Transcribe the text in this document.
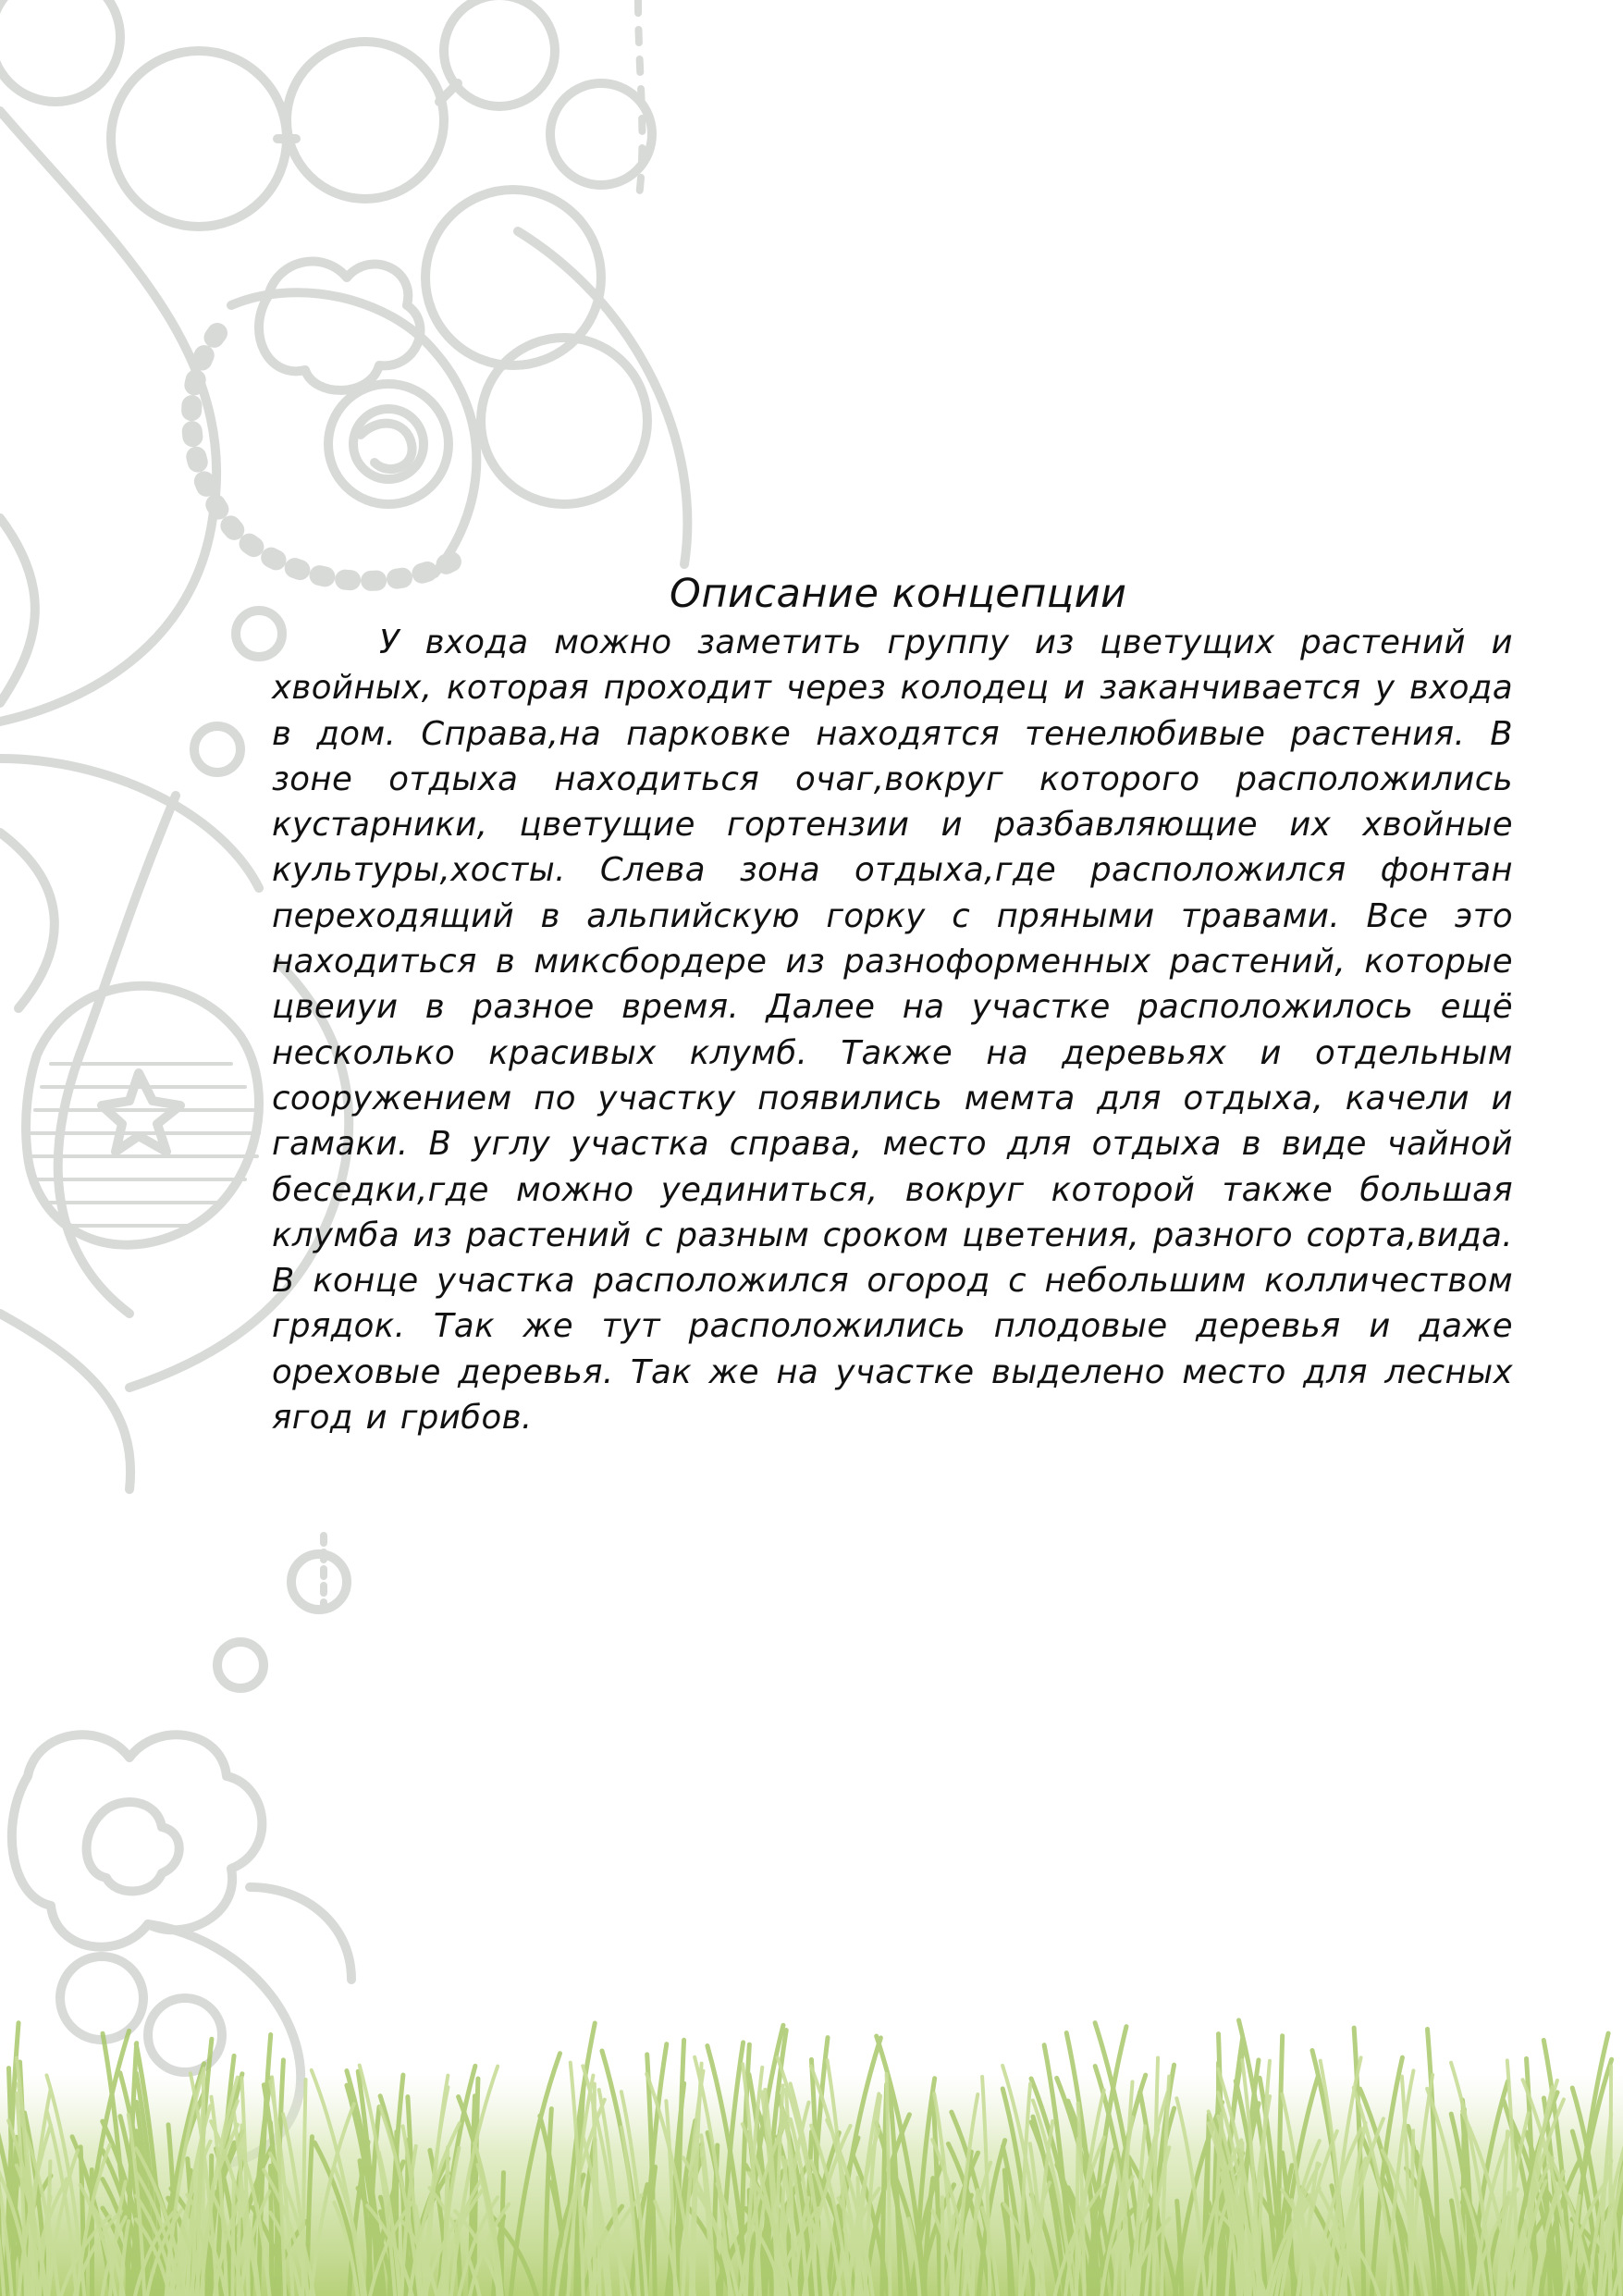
Описание концепции

У входа можно заметить группу из цветущих растений и хвойных, которая проходит через колодец и заканчивается у входа в дом. Справа,на парковке находятся тенелюбивые растения. В зоне отдыха находиться очаг,вокруг которого расположились кустарники, цветущие гортензии и разбавляющие их хвойные культуры,хосты. Слева зона отдыха,где расположился фонтан переходящий в альпийскую горку с пряными травами. Все это находиться в миксбордере из разноформенных растений, которые цвеиуи в разное время. Далее на участке расположилось ещё несколько красивых клумб. Также на деревьях и отдельным сооружением по участку появились мемта для отдыха, качели и гамаки. В углу участка справа, место для отдыха в виде чайной беседки,где можно уединиться, вокруг которой также большая клумба из растений с разным сроком цветения, разного сорта,вида. В конце участка расположился огород с небольшим колличеством грядок. Так же тут расположились плодовые деревья и даже ореховые деревья. Так же на участке выделено место для лесных ягод и грибов.
